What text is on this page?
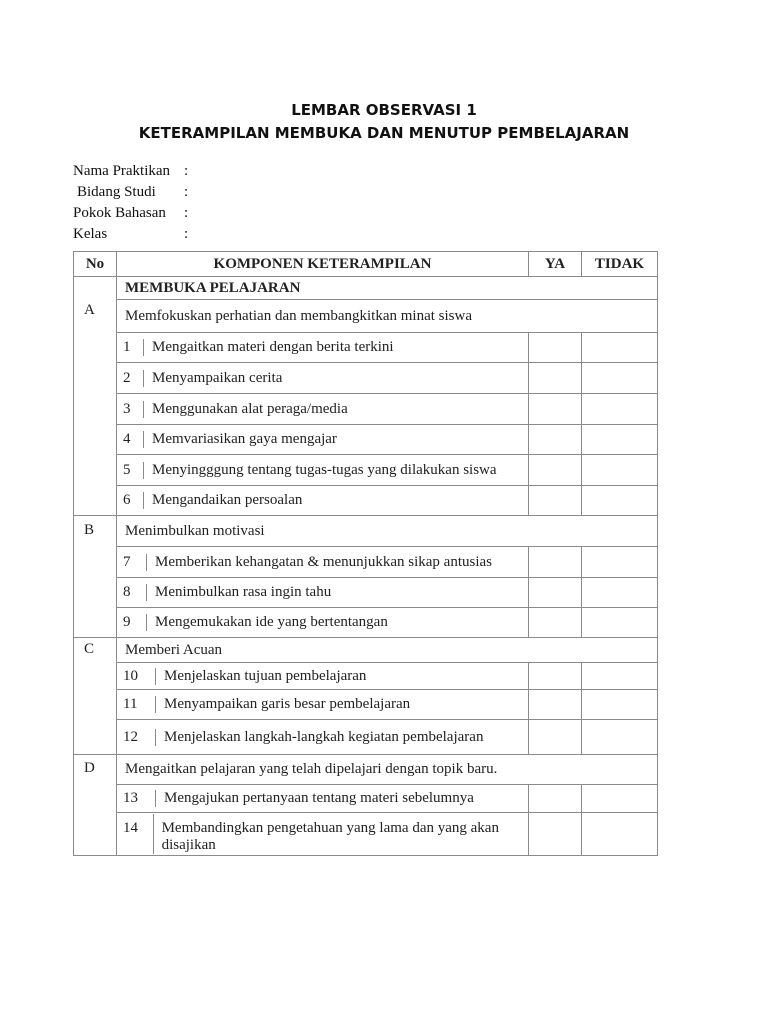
LEMBAR OBSERVASI 1
KETERAMPILAN MEMBUKA DAN MENUTUP PEMBELAJARAN
Nama Praktikan :
Bidang Studi :
Pokok Bahasan :
Kelas	:
No	KOMPONEN KETERAMPILAN	YA	TIDAK
A	MEMBUKA PELAJARAN		
	Memfokuskan perhatian dan membangkitkan minat siswa		

1 Mengaitkan materi dengan berita terkini		

2 Menyampaikan cerita		

3 Menggunakan alat peraga/media		

4 Memvariasikan gaya mengajar		

5 Menyingggung tentang tugas-tugas yang dilakukan siswa		

6 Mengandaikan persoalan		

B	Menimbulkan motivasi		

7 Memberikan kehangatan & menunjukkan sikap antusias		

8 Menimbulkan rasa ingin tahu		

9 Mengemukakan ide yang bertentangan		

C	Memberi Acuan		

10 Menjelaskan tujuan pembelajaran		

11 Menyampaikan garis besar pembelajaran		

12 Menjelaskan langkah-langkah kegiatan pembelajaran		

D	Mengaitkan pelajaran yang telah dipelajari dengan topik baru.		

13 Mengajukan pertanyaan tentang materi sebelumnya		

14 Membandingkan pengetahuan yang lama dan yang akan disajikan		
